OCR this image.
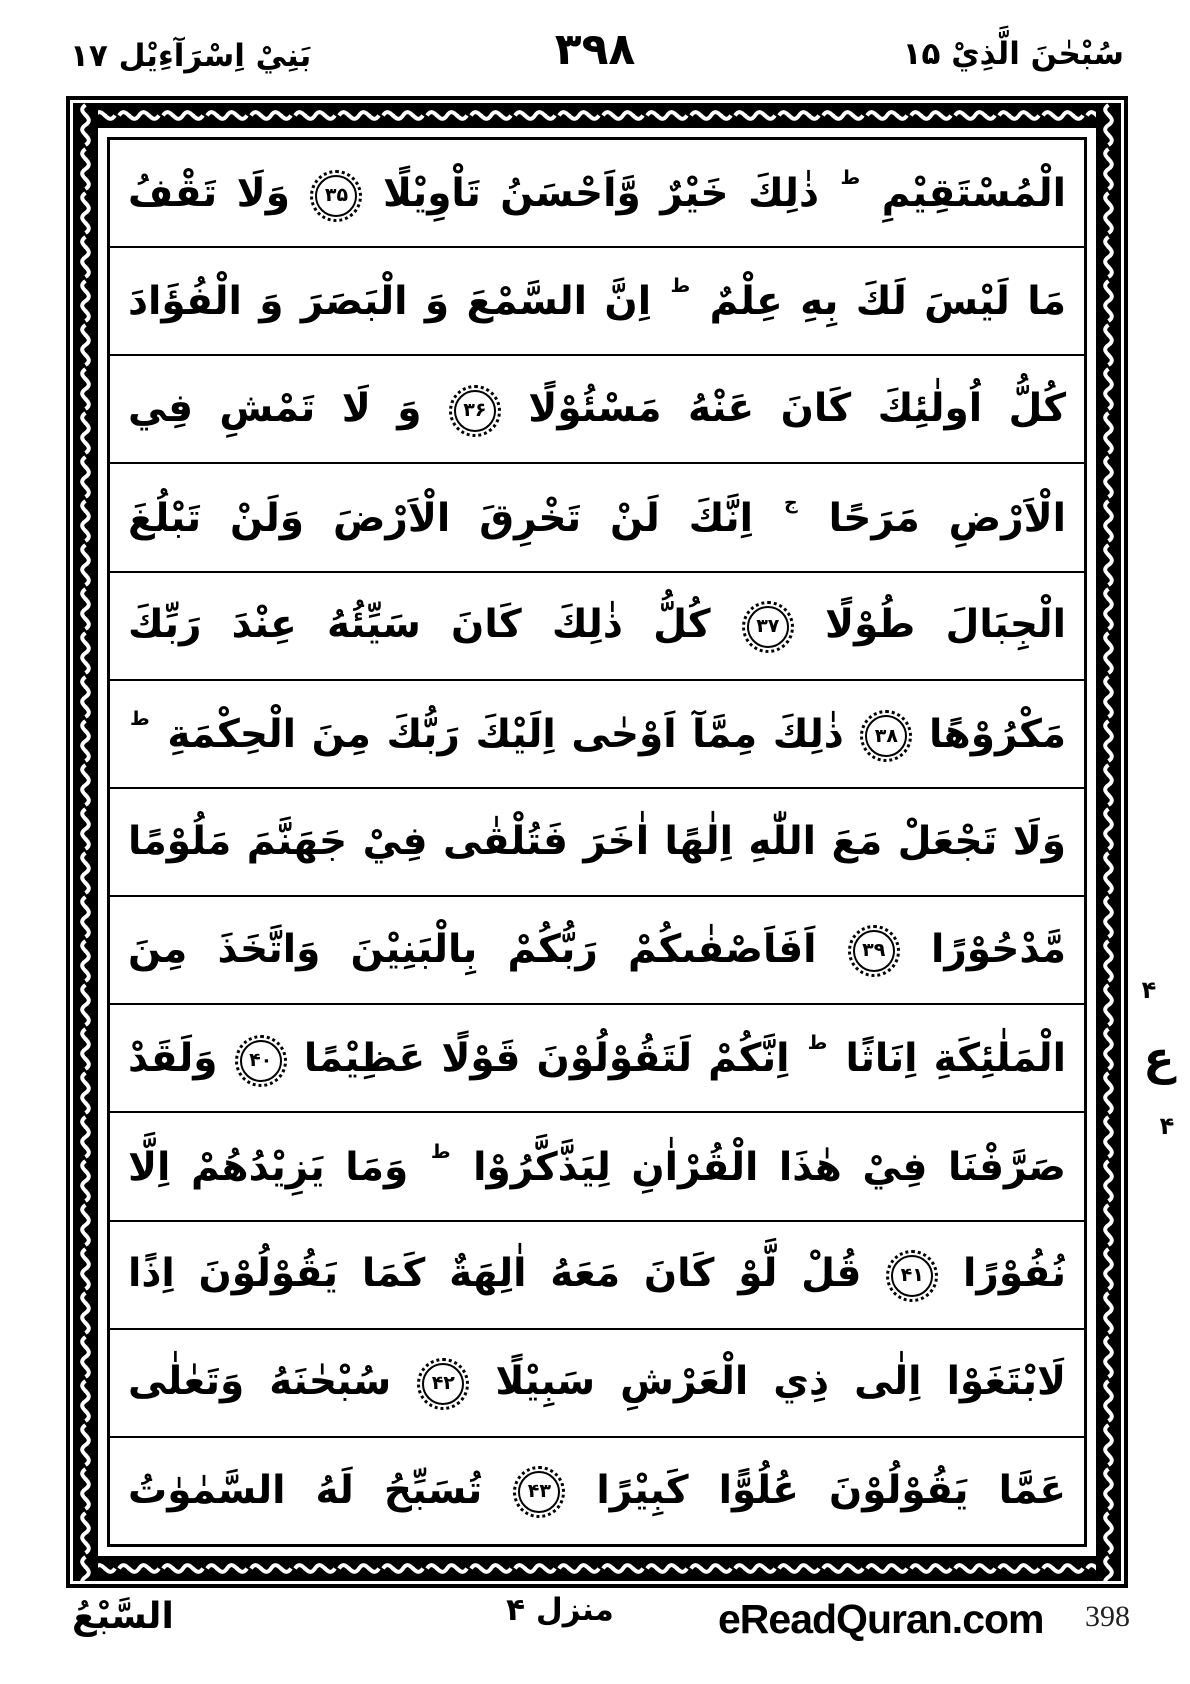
سُبْحٰنَ الَّذِيْ ۱۵
۳۹۸
بَنِيْ اِسْرَآءِيْل ۱۷
الْمُسْتَقِيْمِ $^ط$ ذٰلِكَ خَيْرٌ وَّاَحْسَنُ تَاْوِيْلًا ۳۵ وَلَا تَقْفُ
مَا لَيْسَ لَكَ بِهِ عِلْمٌ $^ط$ اِنَّ السَّمْعَ وَ الْبَصَرَ وَ الْفُؤَادَ
كُلُّ اُولٰئِكَ كَانَ عَنْهُ مَسْئُوْلًا ۳۶ وَ لَا تَمْشِ فِي
الْاَرْضِ مَرَحًا $^ج$ اِنَّكَ لَنْ تَخْرِقَ الْاَرْضَ وَلَنْ تَبْلُغَ
الْجِبَالَ طُوْلًا ۳۷ كُلُّ ذٰلِكَ كَانَ سَيِّئُهُ عِنْدَ رَبِّكَ
مَكْرُوْهًا ۳۸ ذٰلِكَ مِمَّآ اَوْحٰى اِلَيْكَ رَبُّكَ مِنَ الْحِكْمَةِ $^ط$
وَلَا تَجْعَلْ مَعَ اللّٰهِ اِلٰهًا اٰخَرَ فَتُلْقٰى فِيْ جَهَنَّمَ مَلُوْمًا
مَّدْحُوْرًا ۳۹ اَفَاَصْفٰىكُمْ رَبُّكُمْ بِالْبَنِيْنَ وَاتَّخَذَ مِنَ
الْمَلٰئِكَةِ اِنَاثًا $^ط$ اِنَّكُمْ لَتَقُوْلُوْنَ قَوْلًا عَظِيْمًا ۴۰ وَلَقَدْ
صَرَّفْنَا فِيْ هٰذَا الْقُرْاٰنِ لِيَذَّكَّرُوْا $^ط$ وَمَا يَزِيْدُهُمْ اِلَّا
نُفُوْرًا ۴۱ قُلْ لَّوْ كَانَ مَعَهُ اٰلِهَةٌ كَمَا يَقُوْلُوْنَ اِذًا
لَابْتَغَوْا اِلٰى ذِي الْعَرْشِ سَبِيْلًا ۴۲ سُبْحٰنَهُ وَتَعٰلٰى
عَمَّا يَقُوْلُوْنَ عُلُوًّا كَبِيْرًا ۴۳ تُسَبِّحُ لَهُ السَّمٰوٰتُ
۴
ع
۴
السَّبْعُ	منزل ۴	eReadQuran.com 398
